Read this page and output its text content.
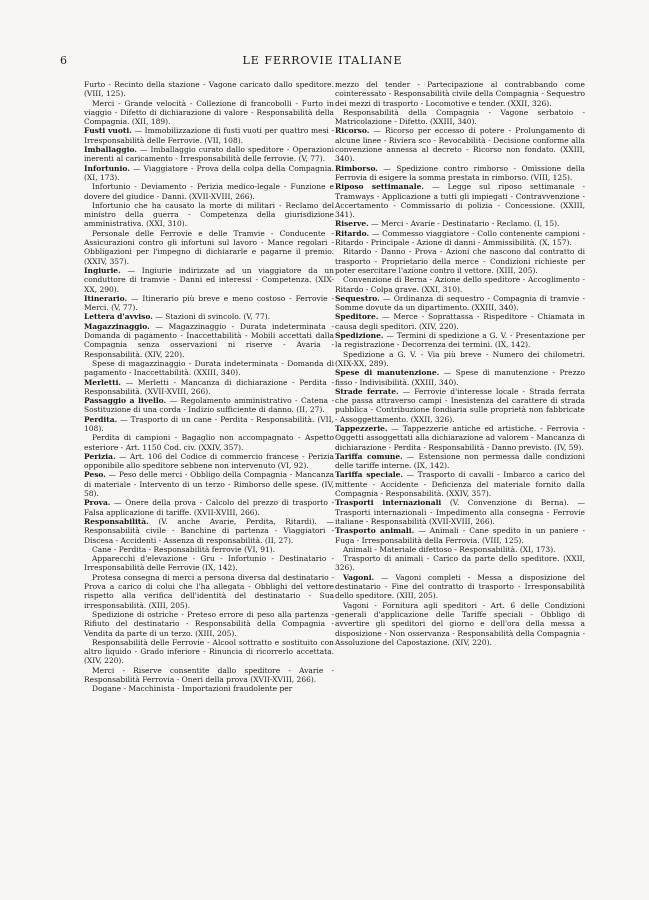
6	LE FERROVIE ITALIANE

Furto - Recinto della stazione - Vagone caricato dallo speditore. (VIII, 125).

Merci - Grande velocità - Collezione di francobolli - Furto in viaggio - Difetto di dichiarazione di valore - Responsabilità della Compagnia. (XII, 189).

Fusti vuoti. — Immobilizzazione di fusti vuoti per quattro mesi - Irresponsabilità delle Ferrovie. (VII, 108).

Imballaggio. — Imballaggio curato dallo speditore - Operazioni inerenti al caricamento - Irresponsabilità delle ferrovie. (V, 77).

Infortunio. — Viaggiatore - Prova della colpa della Compagnia. (XI, 173).

Infortunio - Deviamento - Perizia medico-legale - Funzione e dovere del giudice - Danni. (XVII-XVIII, 266).

Infortunio che ha causato la morte di militari - Reclamo del ministro della guerra - Competenza della giurisdizione amministrativa. (XXI, 310).

Personale delle Ferrovie e delle Tramvie - Conducente - Assicurazioni contro gli infortuni sul lavoro - Mance regolari - Obbligazioni per l'impegno di dichiararle e pagarne il premio. (XXIV, 357).

Ingiurie. — Ingiurie indirizzate ad un viaggiatore da un conduttore di tramvie - Danni ed interessi - Competenza. (XIX-XX, 290).

Itinerario. — Itinerario più breve e meno costoso - Ferrovie - Merci. (V, 77).

Lettera d'avviso. — Stazioni di svincolo. (V, 77).

Magazzinaggio. — Magazzinaggio - Durata indeterminata - Domanda di pagamento - Inaccettabilità - Mobili accettati dalla Compagnia senza osservazioni ni riserve - Avaria - Responsabilità. (XIV, 220).

Spese di magazzinaggio - Durata indeterminata - Domanda di pagamento - Inaccettabilità. (XXIII, 340).

Merletti. — Merletti - Mancanza di dichiarazione - Perdita - Responsabilità. (XVII-XVIII, 266).

Passaggio a livello. — Regolamento amministrativo - Catena - Sostituzione di una corda - Indizio sufficiente di danno. (II, 27).

Perdita. — Trasporto di un cane - Perdita - Responsabilità. (VII, 108).

Perdita di campioni - Bagaglio non accompagnato - Aspetto esteriore - Art. 1150 Cod. civ. (XXIV, 357).

Perizia. — Art. 106 del Codice di commercio francese - Perizia opponibile allo speditore sebbene non intervenuto (VI, 92).

Peso. — Peso delle merci - Obbligo della Compagnia - Mancanza di materiale - Intervento di un terzo - Rimborso delle spese. (IV, 58).

Prova. — Onere della prova - Calcolo del prezzo di trasporto - Falsa applicazione di tariffe. (XVII-XVIII, 266).

Responsabilità. (V. anche Avarie, Perdita, Ritardi). — Responsabilità civile - Banchine di partenza - Viaggiatori - Discesa - Accidenti - Assenza di responsabilità. (II, 27).

Cane - Perdita - Responsabilità ferrovie (VI, 91).

Apparecchi d'elevazione - Gru - Infortunio - Destinatario - Irresponsabilità delle Ferrovie (IX, 142).

Protesa consegna di merci a persona diversa dal destinatario - Prova a carico di colui che l'ha allegata - Obblighi del vettore rispetto alla verifica dell'identità del destinatario - Sua irresponsabilità. (XIII, 205).

Spedizione di ostriche - Preteso errore di peso alla partenza - Rifiuto del destinatario - Responsabilità della Compagnia - Vendita da parte di un terzo. (XIII, 205).

Responsabilità delle Ferrovie - Alcool sottratto e sostituito con altro liquido - Grado inferiore - Rinuncia di ricorrerlo accettata. (XIV, 220).

Merci - Riserve consentite dallo speditore - Avarie - Responsabilità Ferrovia - Oneri della prova (XVII-XVIII, 266).

Dogane - Macchinista - Importazioni fraudolente per

mezzo del tender - Partecipazione al contrabbando come cointeressato - Responsabilità civile della Compagnia - Sequestro dei mezzi di trasporto - Locomotive e tender. (XXII, 326).

Responsabilità della Compagnia - Vagone serbatoio - Matricolazione - Difetto. (XXIII, 340).

Ricorso. — Ricorso per eccesso di potere - Prolungamento di alcune linee - Riviera sco - Revocabilità - Decisione conforme alla convenzione annessa al decreto - Ricorso non fondato. (XXIII, 340).

Rimborso. — Spedizione contro rimborso - Omissione della Ferrovia di esigere la somma prestata in rimborso. (VIII, 125).

Riposo settimanale. — Legge sul riposo settimanale - Tramways - Applicazione a tutti gli impiegati - Contravvenzione - Accertamento - Commissario di polizia - Concessione. (XXIII, 341).

Riserve. — Merci - Avarie - Destinatario - Reclamo. (I, 15).

Ritardo. — Commesso viaggiatore - Collo contenente campioni - Ritardo - Principale - Azione di danni - Ammissibilità. (X, 157).

Ritardo - Danno - Prova - Azioni che nascono dal contratto di trasporto - Proprietario della merce - Condizioni richieste per poter esercitare l'azione contro il vettore. (XIII, 205).

Convenzione di Berna - Azione dello speditore - Accoglimento - Ritardo - Colpa grave. (XXI, 310).

Sequestro. — Ordinanza di sequestro - Compagnia di tramvie - Somme dovute da un dipartimento. (XXIII, 340).

Speditore. — Merce - Soprattassa - Rispeditore - Chiamata in causa degli speditori. (XIV, 220).

Spedizione. — Termini di spedizione a G. V. - Presentazione per la registrazione - Decorrenza dei termini. (IX, 142).

Spedizione a G. V. - Via più breve - Numero dei chilometri. (XIX-XX, 289).

Spese di manutenzione. — Spese di manutenzione - Prezzo fisso - Indivisibilità. (XXIII, 340).

Strade ferrate. — Ferrovie d'interesse locale - Strada ferrata che passa attraverso campi - Inesistenza del carattere di strada pubblica - Contribuzione fondiaria sulle proprietà non fabbricate - Assoggettamento. (XXII, 326).

Tappezzerie. — Tappezzerie antiche ed artistiche. - Ferrovia - Oggetti assoggettati alla dichiarazione ad valorem - Mancanza di dichiarazione - Perdita - Responsabilità - Danno previsto. (IV, 59).

Tariffa comune. — Estensione non permessa dalle condizioni delle tariffe interne. (IX, 142).

Tariffa speciale. — Trasporto di cavalli - Imbarco a carico del mittente - Accidente - Deficienza del materiale fornito dalla Compagnia - Responsabilità. (XXIV, 357).

Trasporti internazionali (V. Convenzione di Berna). — Trasporti internazionali - Impedimento alla consegna - Ferrovie italiane - Responsabilità (XVII-XVIII, 266).

Trasporto animali. — Animali - Cane spedito in un paniere - Fuga - Irresponsabilità della Ferrovia. (VIII, 125).

Animali - Materiale difettoso - Responsabilità. (XI, 173).

Trasporto di animali - Carico da parte dello speditore. (XXII, 326).

Vagoni. — Vagoni completi - Messa a disposizione del destinatario - Fine del contratto di trasporto - Irresponsabilità dello speditore. (XIII, 205).

Vagoni - Fornitura agli speditori - Art. 6 delle Condizioni generali d'applicazione delle Tariffe speciali - Obbligo di avvertire gli speditori del giorno e dell'ora della messa a disposizione - Non osservanza - Responsabilità della Compagnia - Assoluzione del Capostazione. (XIV, 220).
